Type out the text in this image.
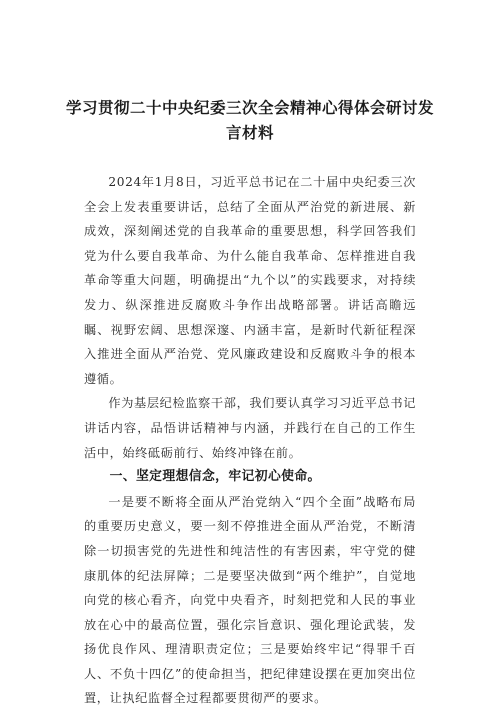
学习贯彻二十中央纪委三次全会精神心得体会研讨发
言材料

2024年1月8日，习近平总书记在二十届中央纪委三次全会上发表重要讲话，总结了全面从严治党的新进展、新成效，深刻阐述党的自我革命的重要思想，科学回答我们党为什么要自我革命、为什么能自我革命、怎样推进自我革命等重大问题，明确提出“九个以”的实践要求，对持续发力、纵深推进反腐败斗争作出战略部署。讲话高瞻远瞩、视野宏阔、思想深邃、内涵丰富，是新时代新征程深入推进全面从严治党、党风廉政建设和反腐败斗争的根本遵循。

作为基层纪检监察干部，我们要认真学习习近平总书记讲话内容，品悟讲话精神与内涵，并践行在自己的工作生活中，始终砥砺前行、始终冲锋在前。

一、坚定理想信念，牢记初心使命。

一是要不断将全面从严治党纳入“四个全面”战略布局的重要历史意义，要一刻不停推进全面从严治党，不断清除一切损害党的先进性和纯洁性的有害因素，牢守党的健康肌体的纪法屏障；二是要坚决做到“两个维护”，自觉地向党的核心看齐，向党中央看齐，时刻把党和人民的事业放在心中的最高位置，强化宗旨意识、强化理论武装，发扬优良作风、理清职责定位；三是要始终牢记“得罪千百人、不负十四亿”的使命担当，把纪律建设摆在更加突出位置，让执纪监督全过程都要贯彻严的要求。
